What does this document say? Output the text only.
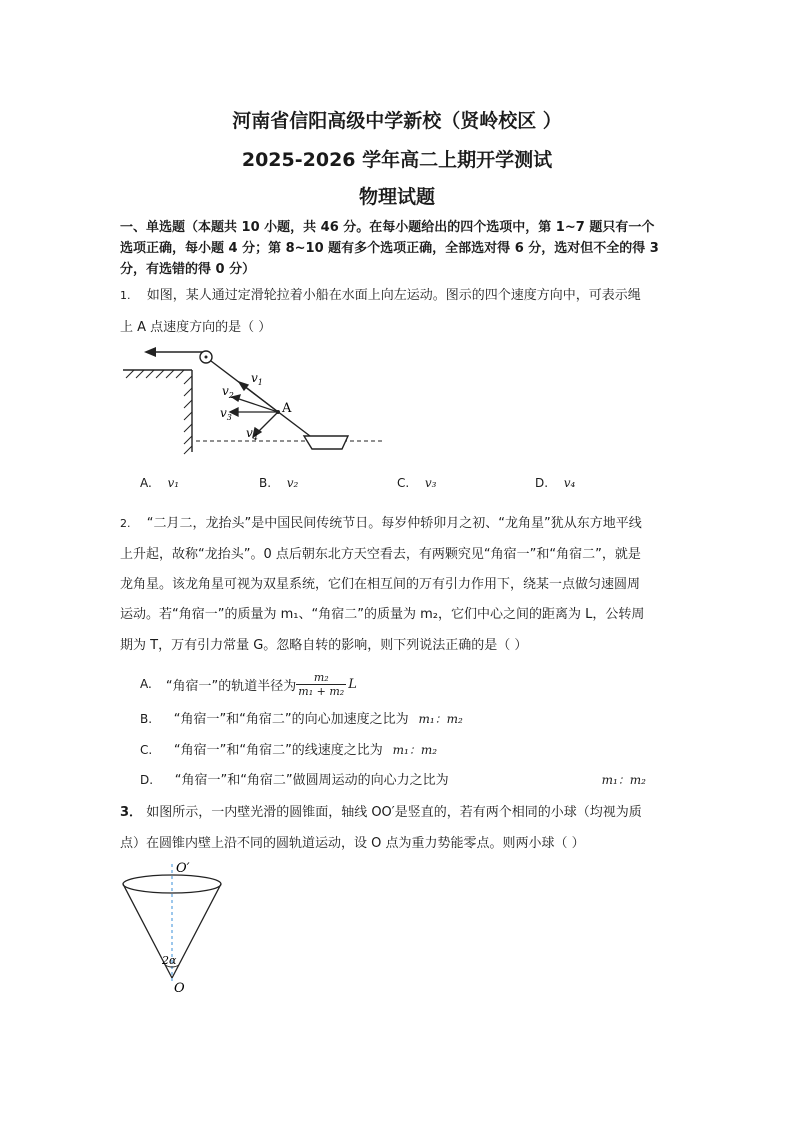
河南省信阳高级中学新校（贤岭校区 ）
2025-2026 学年高二上期开学测试
物理试题
一、单选题（本题共 10 小题，共 46 分。在每小题给出的四个选项中，第 1~7 题只有一个
选项正确，每小题 4 分；第 8~10 题有多个选项正确，全部选对得 6 分，选对但不全的得 3
分，有选错的得 0 分）
1. 如图，某人通过定滑轮拉着小船在水面上向左运动。图示的四个速度方向中，可表示绳
上 A 点速度方向的是（ ）
$v_1$
$v_2$
$v_3$
$v_4$
A
A. v₁	B. v₂	C. v₃	D. v₄
2. “二月二，龙抬头”是中国民间传统节日。每岁仲轿卯月之初、“龙角星”犹从东方地平线
上升起，故称“龙抬头”。0 点后朝东北方天空看去，有两颗究见“角宿一”和“角宿二”，就是
龙角星。该龙角星可视为双星系统，它们在相互间的万有引力作用下，绕某一点做匀速圆周
运动。若“角宿一”的质量为 m₁、“角宿二”的质量为 m₂，它们中心之间的距离为 L，公转周
期为 T，万有引力常量 G。忽略自转的影响，则下列说法正确的是（ ）
A. “角宿一”的轨道半径为 $\frac{\text{m₂}}{\text{m₁ + m₂}}$ L
B. “角宿一”和“角宿二”的向心加速度之比为 m₁：m₂
C. “角宿一”和“角宿二”的线速度之比为 m₁：m₂
D. “角宿一”和“角宿二”做圆周运动的向心力之比为	m₁：m₂
3． 如图所示，一内壁光滑的圆锥面，轴线 OO′是竖直的，若有两个相同的小球（均视为质
点）在圆锥内壁上沿不同的圆轨道运动，设 O 点为重力势能零点。则两小球（ ）
O′
O
2α
